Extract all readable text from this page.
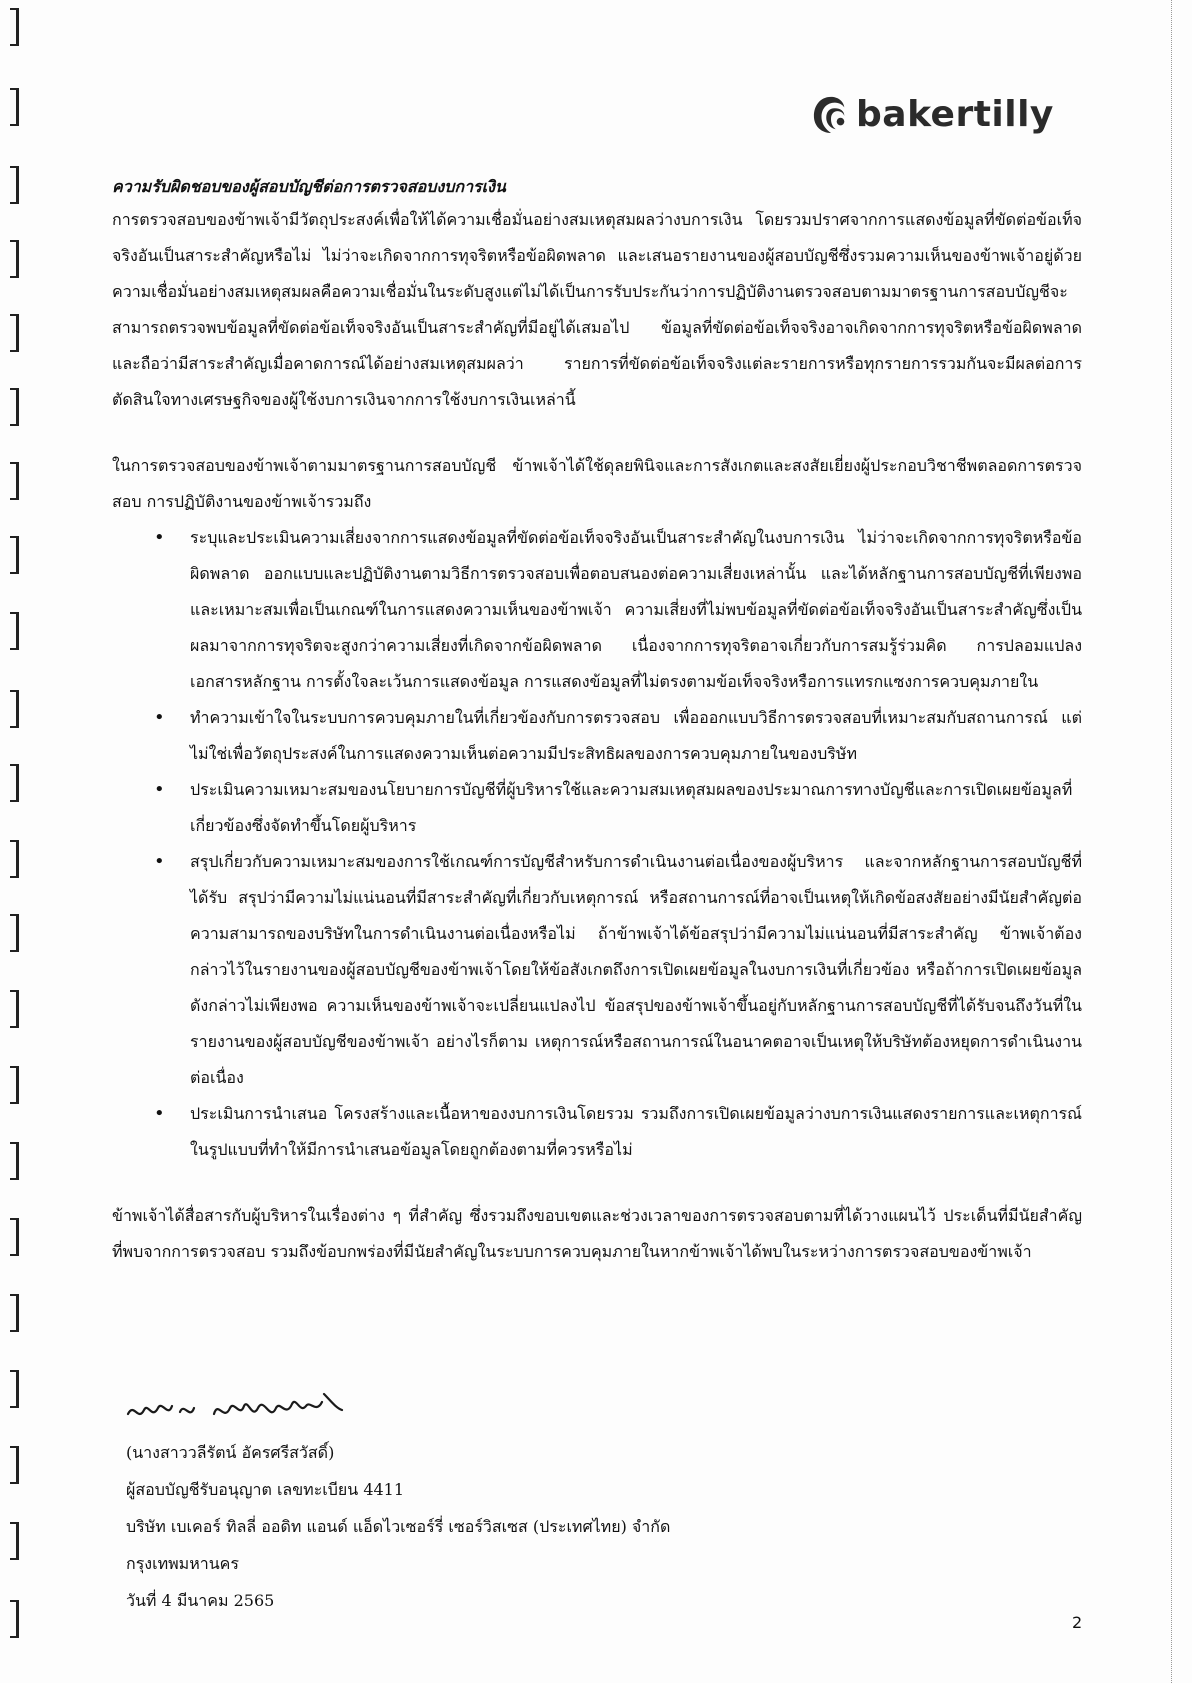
bakertilly

ความรับผิดชอบของผู้สอบบัญชีต่อการตรวจสอบงบการเงิน

การตรวจสอบของข้าพเจ้ามีวัตถุประสงค์เพื่อให้ได้ความเชื่อมั่นอย่างสมเหตุสมผลว่างบการเงิน โดยรวมปราศจากการแสดงข้อมูลที่ขัดต่อข้อเท็จจริงอันเป็นสาระสำคัญหรือไม่ ไม่ว่าจะเกิดจากการทุจริตหรือข้อผิดพลาด และเสนอรายงานของผู้สอบบัญชีซึ่งรวมความเห็นของข้าพเจ้าอยู่ด้วย ความเชื่อมั่นอย่างสมเหตุสมผลคือความเชื่อมั่นในระดับสูงแต่ไม่ได้เป็นการรับประกันว่าการปฏิบัติงานตรวจสอบตามมาตรฐานการสอบบัญชีจะสามารถตรวจพบข้อมูลที่ขัดต่อข้อเท็จจริงอันเป็นสาระสำคัญที่มีอยู่ได้เสมอไป ข้อมูลที่ขัดต่อข้อเท็จจริงอาจเกิดจากการทุจริตหรือข้อผิดพลาดและถือว่ามีสาระสำคัญเมื่อคาดการณ์ได้อย่างสมเหตุสมผลว่า รายการที่ขัดต่อข้อเท็จจริงแต่ละรายการหรือทุกรายการรวมกันจะมีผลต่อการตัดสินใจทางเศรษฐกิจของผู้ใช้งบการเงินจากการใช้งบการเงินเหล่านี้

ในการตรวจสอบของข้าพเจ้าตามมาตรฐานการสอบบัญชี ข้าพเจ้าได้ใช้ดุลยพินิจและการสังเกตและสงสัยเยี่ยงผู้ประกอบวิชาชีพตลอดการตรวจสอบ การปฏิบัติงานของข้าพเจ้ารวมถึง

• ระบุและประเมินความเสี่ยงจากการแสดงข้อมูลที่ขัดต่อข้อเท็จจริงอันเป็นสาระสำคัญในงบการเงิน ไม่ว่าจะเกิดจากการทุจริตหรือข้อผิดพลาด ออกแบบและปฏิบัติงานตามวิธีการตรวจสอบเพื่อตอบสนองต่อความเสี่ยงเหล่านั้น และได้หลักฐานการสอบบัญชีที่เพียงพอและเหมาะสมเพื่อเป็นเกณฑ์ในการแสดงความเห็นของข้าพเจ้า ความเสี่ยงที่ไม่พบข้อมูลที่ขัดต่อข้อเท็จจริงอันเป็นสาระสำคัญซึ่งเป็นผลมาจากการทุจริตจะสูงกว่าความเสี่ยงที่เกิดจากข้อผิดพลาด เนื่องจากการทุจริตอาจเกี่ยวกับการสมรู้ร่วมคิด การปลอมแปลงเอกสารหลักฐาน การตั้งใจละเว้นการแสดงข้อมูล การแสดงข้อมูลที่ไม่ตรงตามข้อเท็จจริงหรือการแทรกแซงการควบคุมภายใน
• ทำความเข้าใจในระบบการควบคุมภายในที่เกี่ยวข้องกับการตรวจสอบ เพื่อออกแบบวิธีการตรวจสอบที่เหมาะสมกับสถานการณ์ แต่ไม่ใช่เพื่อวัตถุประสงค์ในการแสดงความเห็นต่อความมีประสิทธิผลของการควบคุมภายในของบริษัท
• ประเมินความเหมาะสมของนโยบายการบัญชีที่ผู้บริหารใช้และความสมเหตุสมผลของประมาณการทางบัญชีและการเปิดเผยข้อมูลที่เกี่ยวข้องซึ่งจัดทำขึ้นโดยผู้บริหาร
• สรุปเกี่ยวกับความเหมาะสมของการใช้เกณฑ์การบัญชีสำหรับการดำเนินงานต่อเนื่องของผู้บริหาร และจากหลักฐานการสอบบัญชีที่ได้รับ สรุปว่ามีความไม่แน่นอนที่มีสาระสำคัญที่เกี่ยวกับเหตุการณ์ หรือสถานการณ์ที่อาจเป็นเหตุให้เกิดข้อสงสัยอย่างมีนัยสำคัญต่อความสามารถของบริษัทในการดำเนินงานต่อเนื่องหรือไม่ ถ้าข้าพเจ้าได้ข้อสรุปว่ามีความไม่แน่นอนที่มีสาระสำคัญ ข้าพเจ้าต้องกล่าวไว้ในรายงานของผู้สอบบัญชีของข้าพเจ้าโดยให้ข้อสังเกตถึงการเปิดเผยข้อมูลในงบการเงินที่เกี่ยวข้อง หรือถ้าการเปิดเผยข้อมูลดังกล่าวไม่เพียงพอ ความเห็นของข้าพเจ้าจะเปลี่ยนแปลงไป ข้อสรุปของข้าพเจ้าขึ้นอยู่กับหลักฐานการสอบบัญชีที่ได้รับจนถึงวันที่ในรายงานของผู้สอบบัญชีของข้าพเจ้า อย่างไรก็ตาม เหตุการณ์หรือสถานการณ์ในอนาคตอาจเป็นเหตุให้บริษัทต้องหยุดการดำเนินงานต่อเนื่อง
• ประเมินการนำเสนอ โครงสร้างและเนื้อหาของงบการเงินโดยรวม รวมถึงการเปิดเผยข้อมูลว่างบการเงินแสดงรายการและเหตุการณ์ในรูปแบบที่ทำให้มีการนำเสนอข้อมูลโดยถูกต้องตามที่ควรหรือไม่

ข้าพเจ้าได้สื่อสารกับผู้บริหารในเรื่องต่าง ๆ ที่สำคัญ ซึ่งรวมถึงขอบเขตและช่วงเวลาของการตรวจสอบตามที่ได้วางแผนไว้ ประเด็นที่มีนัยสำคัญที่พบจากการตรวจสอบ รวมถึงข้อบกพร่องที่มีนัยสำคัญในระบบการควบคุมภายในหากข้าพเจ้าได้พบในระหว่างการตรวจสอบของข้าพเจ้า

(นางสาววลีรัตน์ อัครศรีสวัสดิ์)
ผู้สอบบัญชีรับอนุญาต เลขทะเบียน 4411
บริษัท เบเคอร์ ทิลลี่ ออดิท แอนด์ แอ็ดไวเซอร์รี่ เซอร์วิสเซส (ประเทศไทย) จำกัด
กรุงเทพมหานคร
วันที่ 4 มีนาคม 2565
2
